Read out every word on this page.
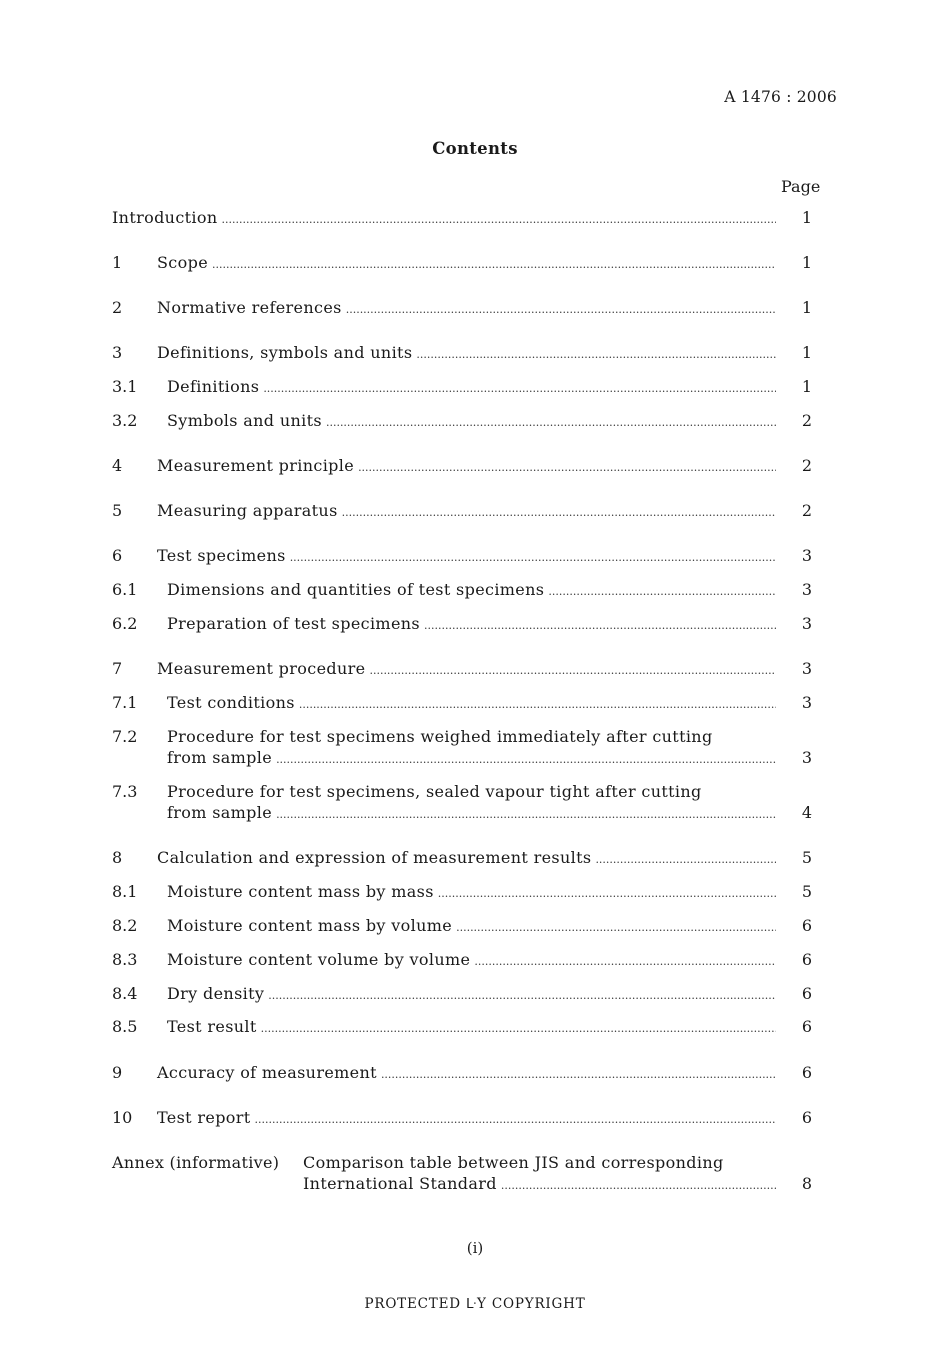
A 1476 : 2006
Contents
Page
Introduction .....	1
1 Scope .....	1
2 Normative references .....	1
3 Definitions, symbols and units .....	1
3.1 Definitions .....	1
3.2 Symbols and units .....	2
4 Measurement principle .....	2
5 Measuring apparatus .....	2
6 Test specimens .....	3
6.1 Dimensions and quantities of test specimens .....	3
6.2 Preparation of test specimens .....	3
7 Measurement procedure .....	3
7.1 Test conditions .....	3
7.2 Procedure for test specimens weighed immediately after cutting
from sample .....	3
7.3 Procedure for test specimens, sealed vapour tight after cutting
from sample .....	4
8 Calculation and expression of measurement results .....	5
8.1 Moisture content mass by mass .....	5
8.2 Moisture content mass by volume .....	6
8.3 Moisture content volume by volume .....	6
8.4 Dry density .....	6
8.5 Test result .....	6
9 Accuracy of measurement .....	6
10 Test report .....	6
Annex (informative) Comparison table between JIS and corresponding
International Standard .....	8
(i)
PROTECTED ᒷY COPYRIGHT
